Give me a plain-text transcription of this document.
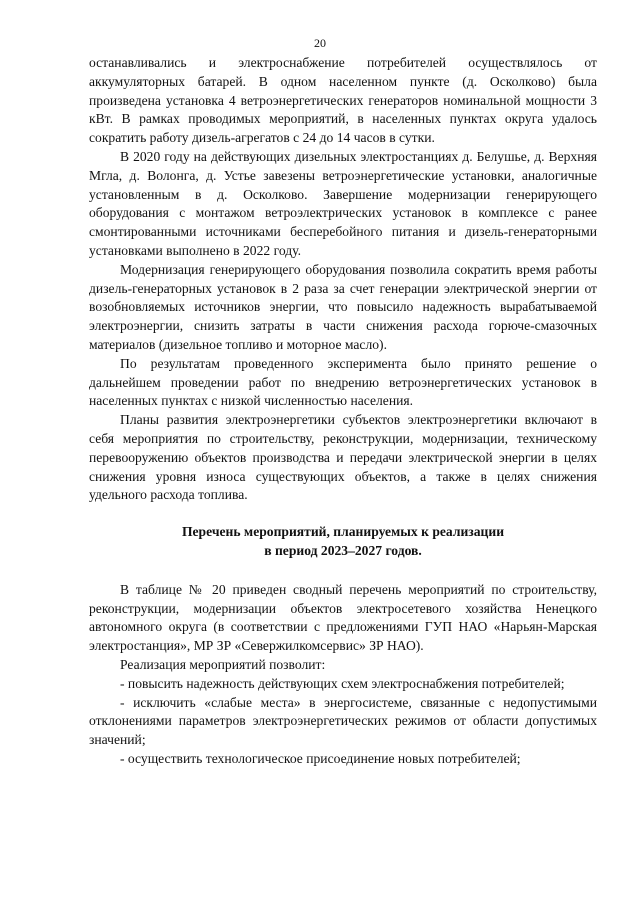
20

останавливались и электроснабжение потребителей осуществлялось от аккумуляторных батарей. В одном населенном пункте (д. Осколково) была произведена установка 4 ветроэнергетических генераторов номинальной мощности 3 кВт. В рамках проводимых мероприятий, в населенных пунктах округа удалось сократить работу дизель-агрегатов с 24 до 14 часов в сутки.

В 2020 году на действующих дизельных электростанциях д. Белушье, д. Верхняя Мгла, д. Волонга, д. Устье завезены ветроэнергетические установки, аналогичные установленным в д. Осколково. Завершение модернизации генерирующего оборудования с монтажом ветроэлектрических установок в комплексе с ранее смонтированными источниками бесперебойного питания и дизель-генераторными установками выполнено в 2022 году.

Модернизация генерирующего оборудования позволила сократить время работы дизель-генераторных установок в 2 раза за счет генерации электрической энергии от возобновляемых источников энергии, что повысило надежность вырабатываемой электроэнергии, снизить затраты в части снижения расхода горюче-смазочных материалов (дизельное топливо и моторное масло).

По результатам проведенного эксперимента было принято решение о дальнейшем проведении работ по внедрению ветроэнергетических установок в населенных пунктах с низкой численностью населения.

Планы развития электроэнергетики субъектов электроэнергетики включают в себя мероприятия по строительству, реконструкции, модернизации, техническому перевооружению объектов производства и передачи электрической энергии в целях снижения уровня износа существующих объектов, а также в целях снижения удельного расхода топлива.

Перечень мероприятий, планируемых к реализации

в период 2023–2027 годов.

В таблице № 20 приведен сводный перечень мероприятий по строительству, реконструкции, модернизации объектов электросетевого хозяйства Ненецкого автономного округа (в соответствии с предложениями ГУП НАО «Нарьян-Марская электростанция», МР ЗР «Севержилкомсервис» ЗР НАО).

Реализация мероприятий позволит:

- повысить надежность действующих схем электроснабжения потребителей;

- исключить «слабые места» в энергосистеме, связанные с недопустимыми отклонениями параметров электроэнергетических режимов от области допустимых значений;

- осуществить технологическое присоединение новых потребителей;
